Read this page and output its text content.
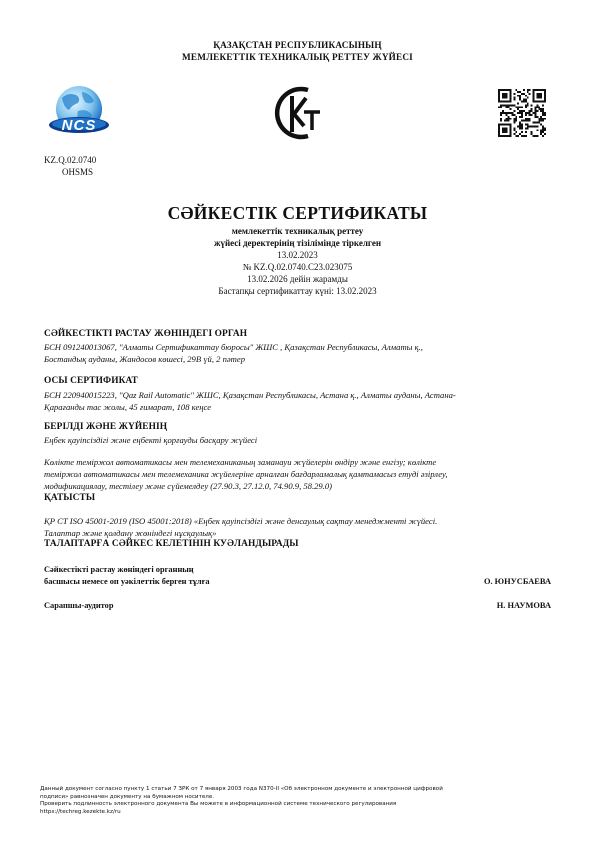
ҚАЗАҚСТАН РЕСПУБЛИКАСЫНЫҢ
МЕМЛЕКЕТТІК ТЕХНИКАЛЫҚ РЕТТЕУ ЖҮЙЕСІ
NCS
KZ.Q.02.0740
OHSMS
СӘЙКЕСТІК СЕРТИФИКАТЫ
мемлекеттік техникалық реттеу
жүйесі деректерінің тізілімінде тіркелген
13.02.2023
№ KZ.Q.02.0740.C23.023075
13.02.2026 дейін жарамды
Бастапқы сертификаттау күні: 13.02.2023
СӘЙКЕСТІКТІ РАСТАУ ЖӨНІНДЕГІ ОРГАН
БСН 091240013067, "Алматы Сертификаттау бюросы" ЖШС , Қазақстан Республикасы, Алматы қ.,
Бостандық ауданы, Жандосов көшесі, 29В үй, 2 пәтер
ОСЫ СЕРТИФИКАТ
БСН 220940015223, "Qaz Rail Automatic" ЖШС, Қазақстан Республикасы, Астана қ., Алматы ауданы, Астана-
Қарағанды тас жолы, 45 ғимарат, 108 кеңсе
БЕРІЛДІ ЖӘНЕ ЖҮЙЕНІҢ
Еңбек қауіпсіздігі және еңбекті қорғауды басқару жүйесі
Көлікте теміржол автоматикасы мен телемеханиканың заманауи жүйелерін өндіру және енгізу; көлікте
теміржол автоматикасы мен телемеханика жүйелеріне арналған бағдарламалық қамтамасыз етуді әзірлеу,
модификациялау, тестілеу және сүйемелдеу (27.90.3, 27.12.0, 74.90.9, 58.29.0)
ҚАТЫСТЫ
ҚР СТ ISO 45001-2019 (ISO 45001:2018) «Еңбек қауіпсіздігі және денсаулық сақтау менеджменті жүйесі.
Талаптар және қолдану жөніндегі нұсқаулық»
ТАЛАПТАРҒА СӘЙКЕС КЕЛЕТІНІН КУӘЛАНДЫРАДЫ
Сәйкестікті растау жөніндегі органның
басшысы немесе оп уәкілеттік берген тұлға	О. ЮНУСБАЕВА
Сарапшы-аудитор	Н. НАУМОВА
Данный документ согласно пункту 1 статьи 7 ЗРК от 7 января 2003 года N370-II «Об электронном документе и электронной цифровой
подписи» равнозначен документу на бумажном носителе.
Проверить подлинность электронного документа Вы можете в информационной системе технического регулирования
https://techreg.kezekte.kz/ru
